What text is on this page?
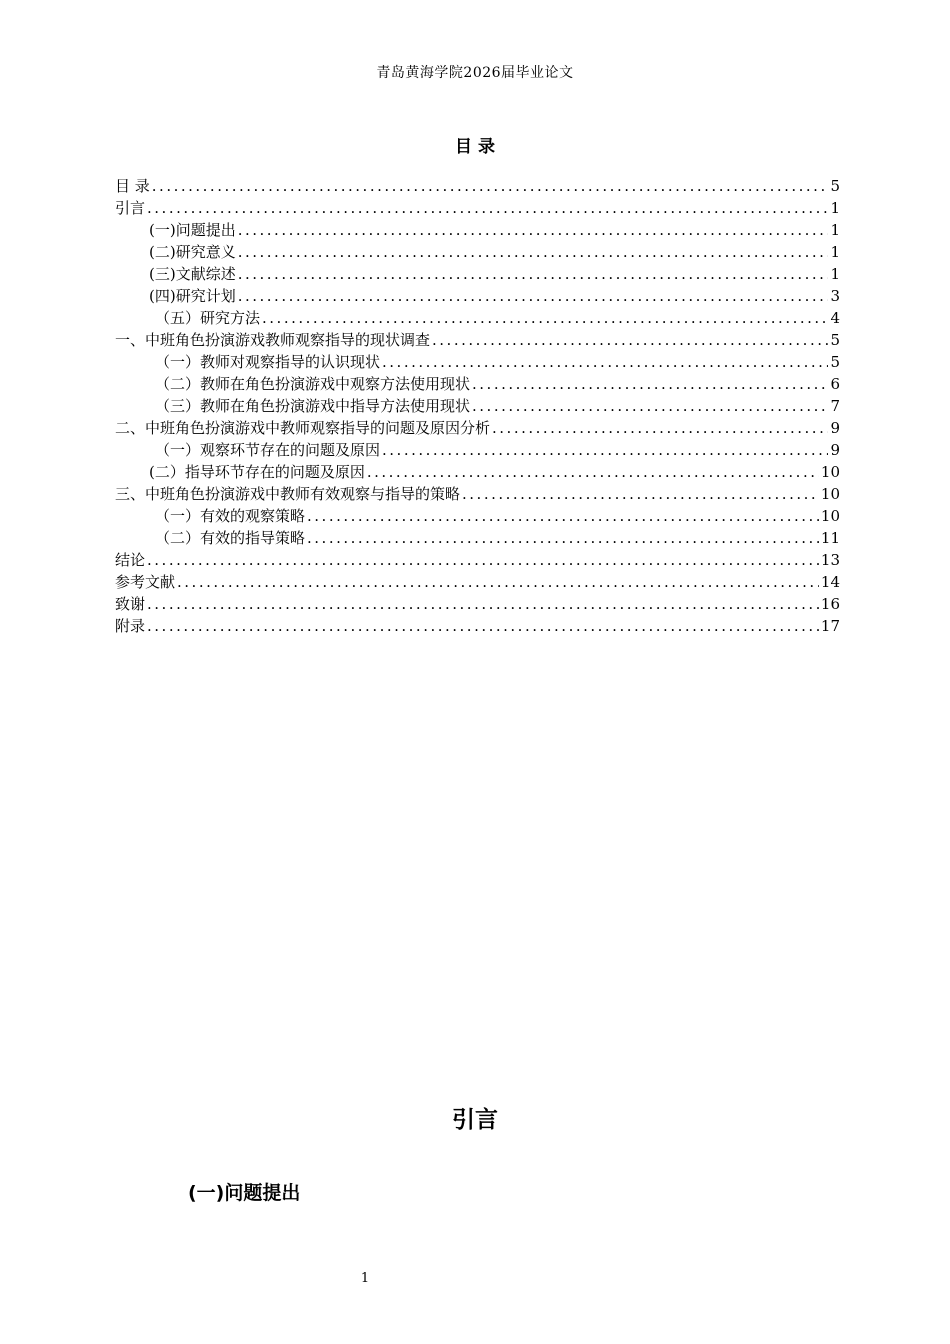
青岛黄海学院2026届毕业论文
目 录
目 录 .....	5
引言 .....	1
(一)问题提出 .....	1
(二)研究意义 .....	1
(三)文献综述 .....	1
(四)研究计划 .....	3
（五）研究方法 .....	4
一、中班角色扮演游戏教师观察指导的现状调查 .....	5
（一）教师对观察指导的认识现状 .....	5
（二）教师在角色扮演游戏中观察方法使用现状 .....	6
（三）教师在角色扮演游戏中指导方法使用现状 .....	7
二、中班角色扮演游戏中教师观察指导的问题及原因分析 .....	9
（一）观察环节存在的问题及原因 .....	9
(二）指导环节存在的问题及原因 .....	10
三、中班角色扮演游戏中教师有效观察与指导的策略 .....	10
（一）有效的观察策略 .....	10
（二）有效的指导策略 .....	11
结论 .....	13
参考文献 .....	14
致谢 .....	16
附录 .....	17
引言
(一)问题提出
1
